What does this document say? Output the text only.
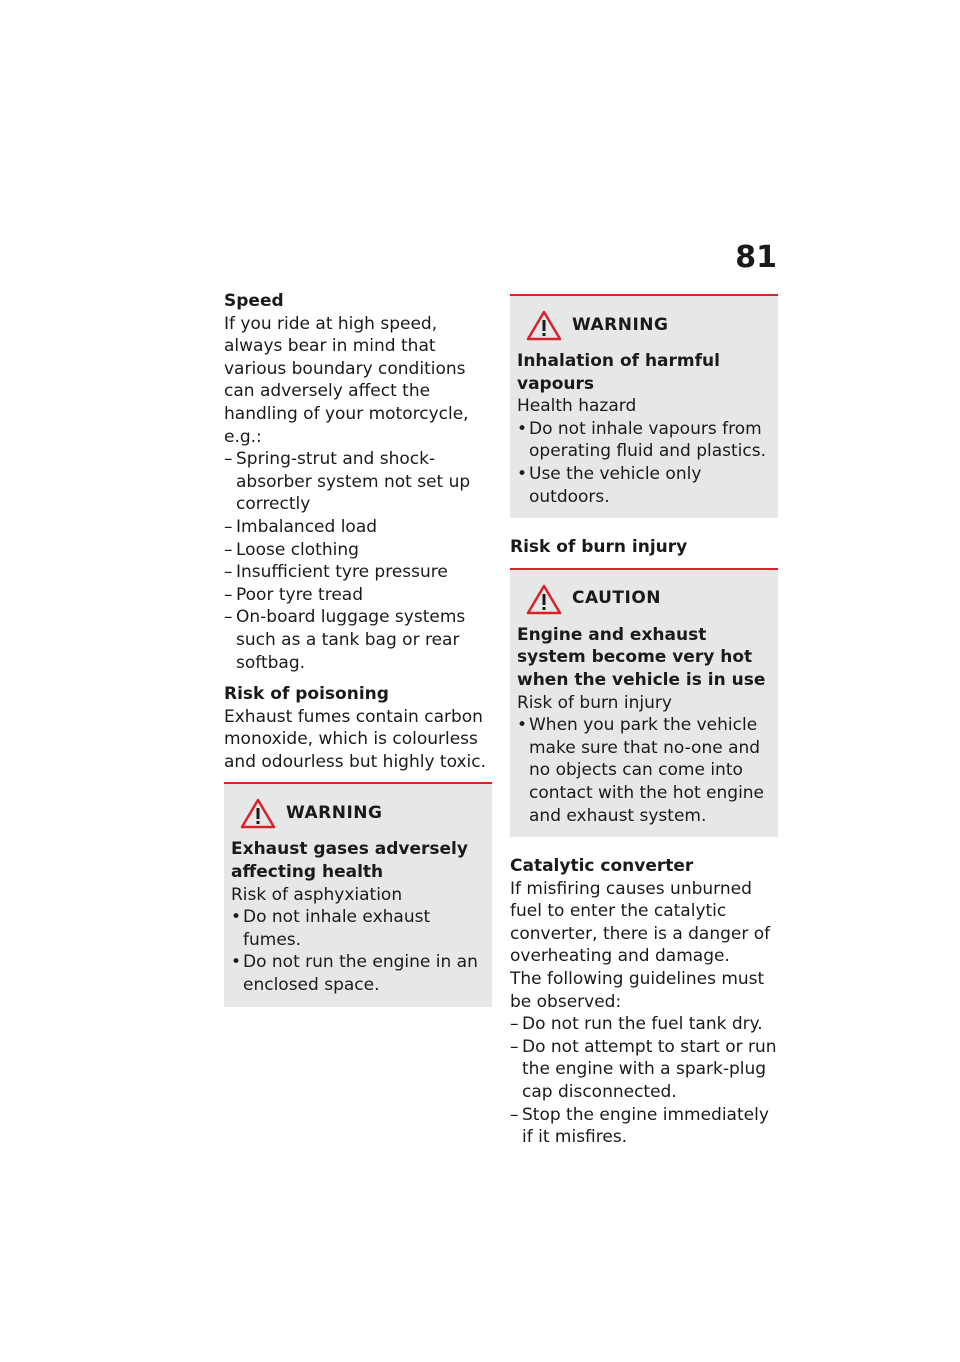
81
Speed

If you ride at high speed, always bear in mind that various boundary conditions can adversely affect the handling of your motorcycle, e.g.:

– Spring-strut and shock-absorber system not set up correctly
– Imbalanced load
– Loose clothing
– Insufficient tyre pressure
– Poor tyre tread
– On-board luggage systems such as a tank bag or rear softbag.
Risk of poisoning

Exhaust fumes contain carbon monoxide, which is colourless and odourless but highly toxic.

WARNING
Exhaust gases adversely affecting health
Risk of asphyxiation
• Do not inhale exhaust fumes.
• Do not run the engine in an enclosed space.
WARNING
Inhalation of harmful vapours
Health hazard
• Do not inhale vapours from operating fluid and plastics.
• Use the vehicle only outdoors.
Risk of burn injury
CAUTION
Engine and exhaust system become very hot when the vehicle is in use
Risk of burn injury
• When you park the vehicle make sure that no-one and no objects can come into contact with the hot engine and exhaust system.
Catalytic converter

If misfiring causes unburned fuel to enter the catalytic converter, there is a danger of overheating and damage.

The following guidelines must be observed:

– Do not run the fuel tank dry.
– Do not attempt to start or run the engine with a spark-plug cap disconnected.
– Stop the engine immediately if it misfires.
